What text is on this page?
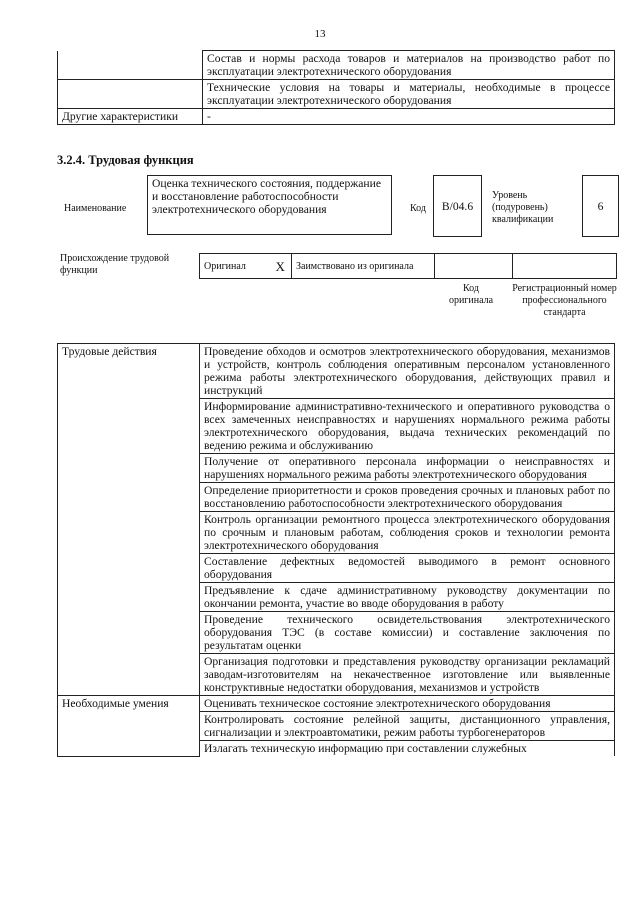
13
	Состав и нормы расхода товаров и материалов на производство работ по эксплуатации электротехнического оборудования
	Технические условия на товары и материалы, необходимые в процессе эксплуатации электротехнического оборудования
Другие характеристики	-
3.2.4. Трудовая функция
Наименование
Оценка технического состояния, поддержание и восстановление работоспособности электротехнического оборудования	Код B/04.6
Уровень (подуровень) квалификации
6
Происхождение трудовой функции	Оригинал	X	Заимствовано из оригинала		
Код оригинала
Регистрационный номер профессионального стандарта
Трудовые действия	Проведение обходов и осмотров электротехнического оборудования, механизмов и устройств, контроль соблюдения оперативным персоналом установленного режима работы электротехнического оборудования, действующих правил и инструкций
	Информирование административно-технического и оперативного руководства о всех замеченных неисправностях и нарушениях нормального режима работы электротехнического оборудования, выдача технических рекомендаций по ведению режима и обслуживанию
	Получение от оперативного персонала информации о неисправностях и нарушениях нормального режима работы электротехнического оборудования
	Определение приоритетности и сроков проведения срочных и плановых работ по восстановлению работоспособности электротехнического оборудования
	Контроль организации ремонтного процесса электротехнического оборудования по срочным и плановым работам, соблюдения сроков и технологии ремонта электротехнического оборудования
	Составление дефектных ведомостей выводимого в ремонт основного оборудования
	Предъявление к сдаче административному руководству документации по окончании ремонта, участие во вводе оборудования в работу
	Проведение технического освидетельствования электротехнического оборудования ТЭС (в составе комиссии) и составление заключения по результатам оценки
	Организация подготовки и представления руководству организации рекламаций заводам-изготовителям на некачественное изготовление или выявленные конструктивные недостатки оборудования, механизмов и устройств
Необходимые умения	Оценивать техническое состояние электротехнического оборудования
	Контролировать состояние релейной защиты, дистанционного управления, сигнализации и электроавтоматики, режим работы турбогенераторов
	Излагать техническую информацию при составлении служебных
